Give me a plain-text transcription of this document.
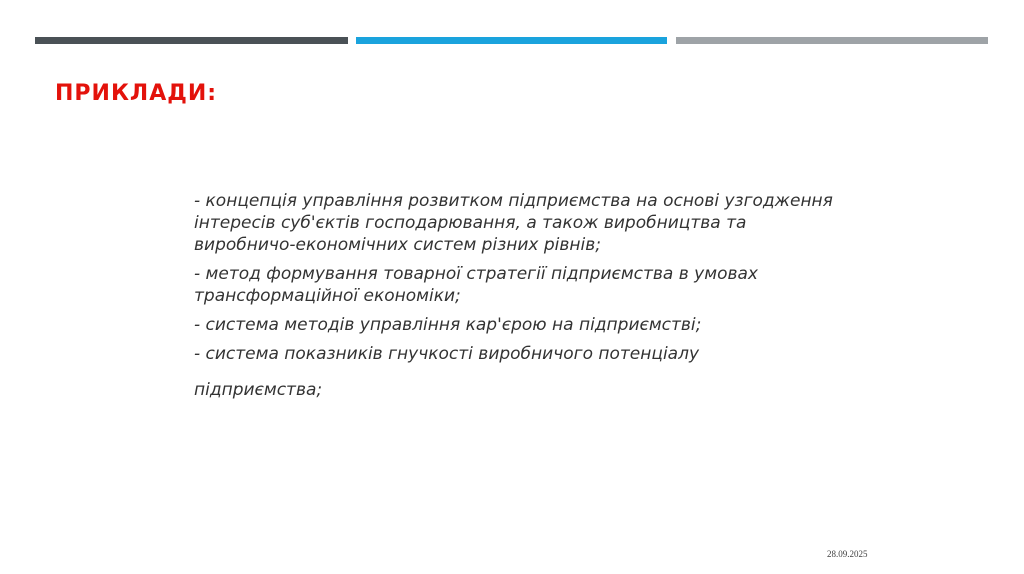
ПРИКЛАДИ:

- концепція управління розвитком підприємства на основі узгодження інтересів суб'єктів господарювання, а також виробництва та виробничо-економічних систем різних рівнів;

- метод формування товарної стратегії підприємства в умовах трансформаційної економіки;

- система методів управління кар'єрою на підприємстві;

- система показників гнучкості виробничого потенціалу

підприємства;

28.09.2025
